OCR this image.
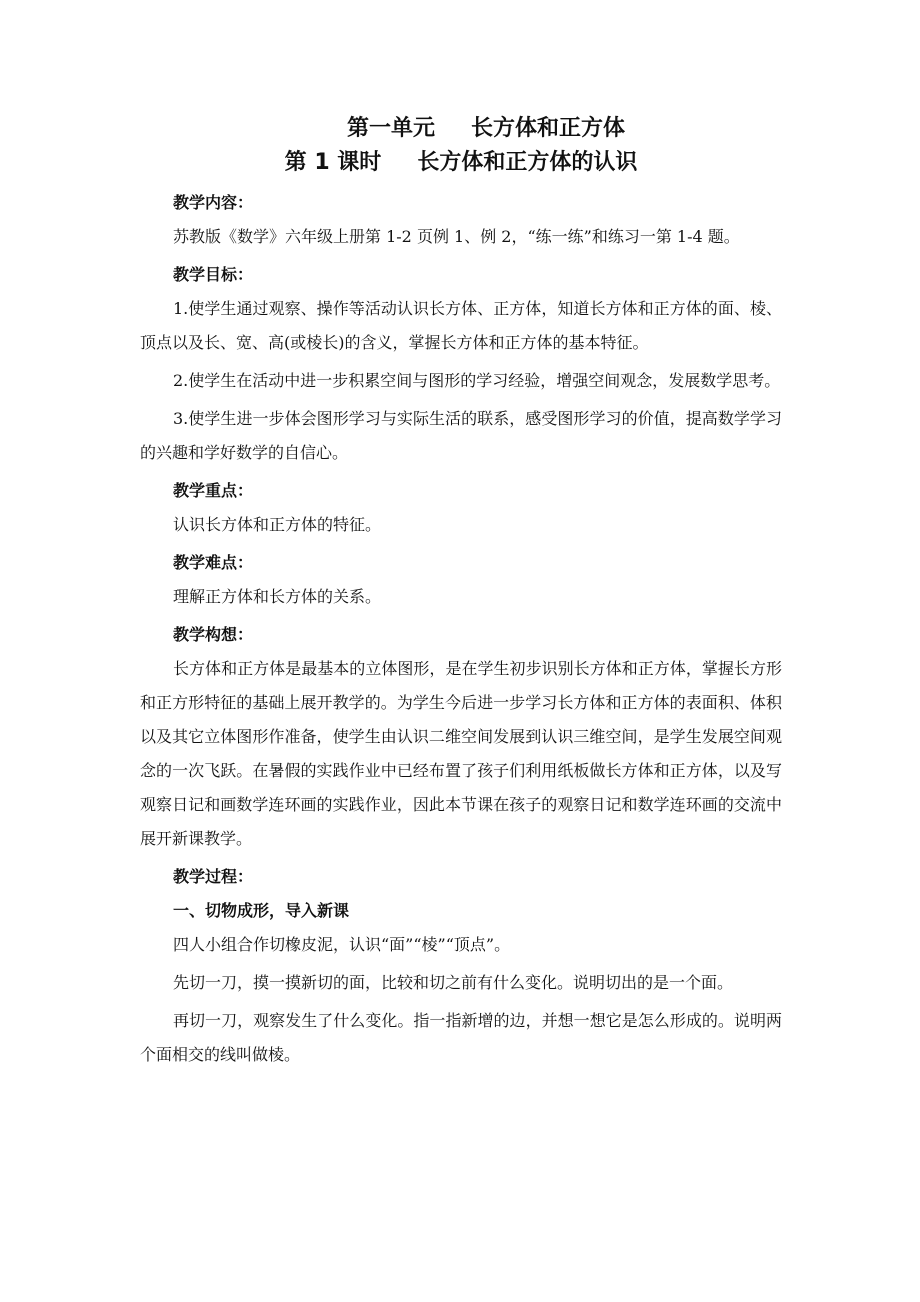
第一单元 长方体和正方体
第 1 课时 长方体和正方体的认识
教学内容：

苏教版《数学》六年级上册第 1-2 页例 1、例 2，“练一练”和练习一第 1-4 题。

教学目标：

1.使学生通过观察、操作等活动认识长方体、正方体，知道长方体和正方体的面、棱、顶点以及长、宽、高(或棱长)的含义，掌握长方体和正方体的基本特征。

2.使学生在活动中进一步积累空间与图形的学习经验，增强空间观念，发展数学思考。

3.使学生进一步体会图形学习与实际生活的联系，感受图形学习的价值，提高数学学习的兴趣和学好数学的自信心。

教学重点：

认识长方体和正方体的特征。

教学难点：

理解正方体和长方体的关系。

教学构想：

长方体和正方体是最基本的立体图形，是在学生初步识别长方体和正方体，掌握长方形和正方形特征的基础上展开教学的。为学生今后进一步学习长方体和正方体的表面积、体积以及其它立体图形作准备，使学生由认识二维空间发展到认识三维空间，是学生发展空间观念的一次飞跃。在暑假的实践作业中已经布置了孩子们利用纸板做长方体和正方体，以及写观察日记和画数学连环画的实践作业，因此本节课在孩子的观察日记和数学连环画的交流中展开新课教学。

教学过程：
一、切物成形，导入新课

四人小组合作切橡皮泥，认识“面”“棱”“顶点”。

先切一刀，摸一摸新切的面，比较和切之前有什么变化。说明切出的是一个面。

再切一刀，观察发生了什么变化。指一指新增的边，并想一想它是怎么形成的。说明两个面相交的线叫做棱。
